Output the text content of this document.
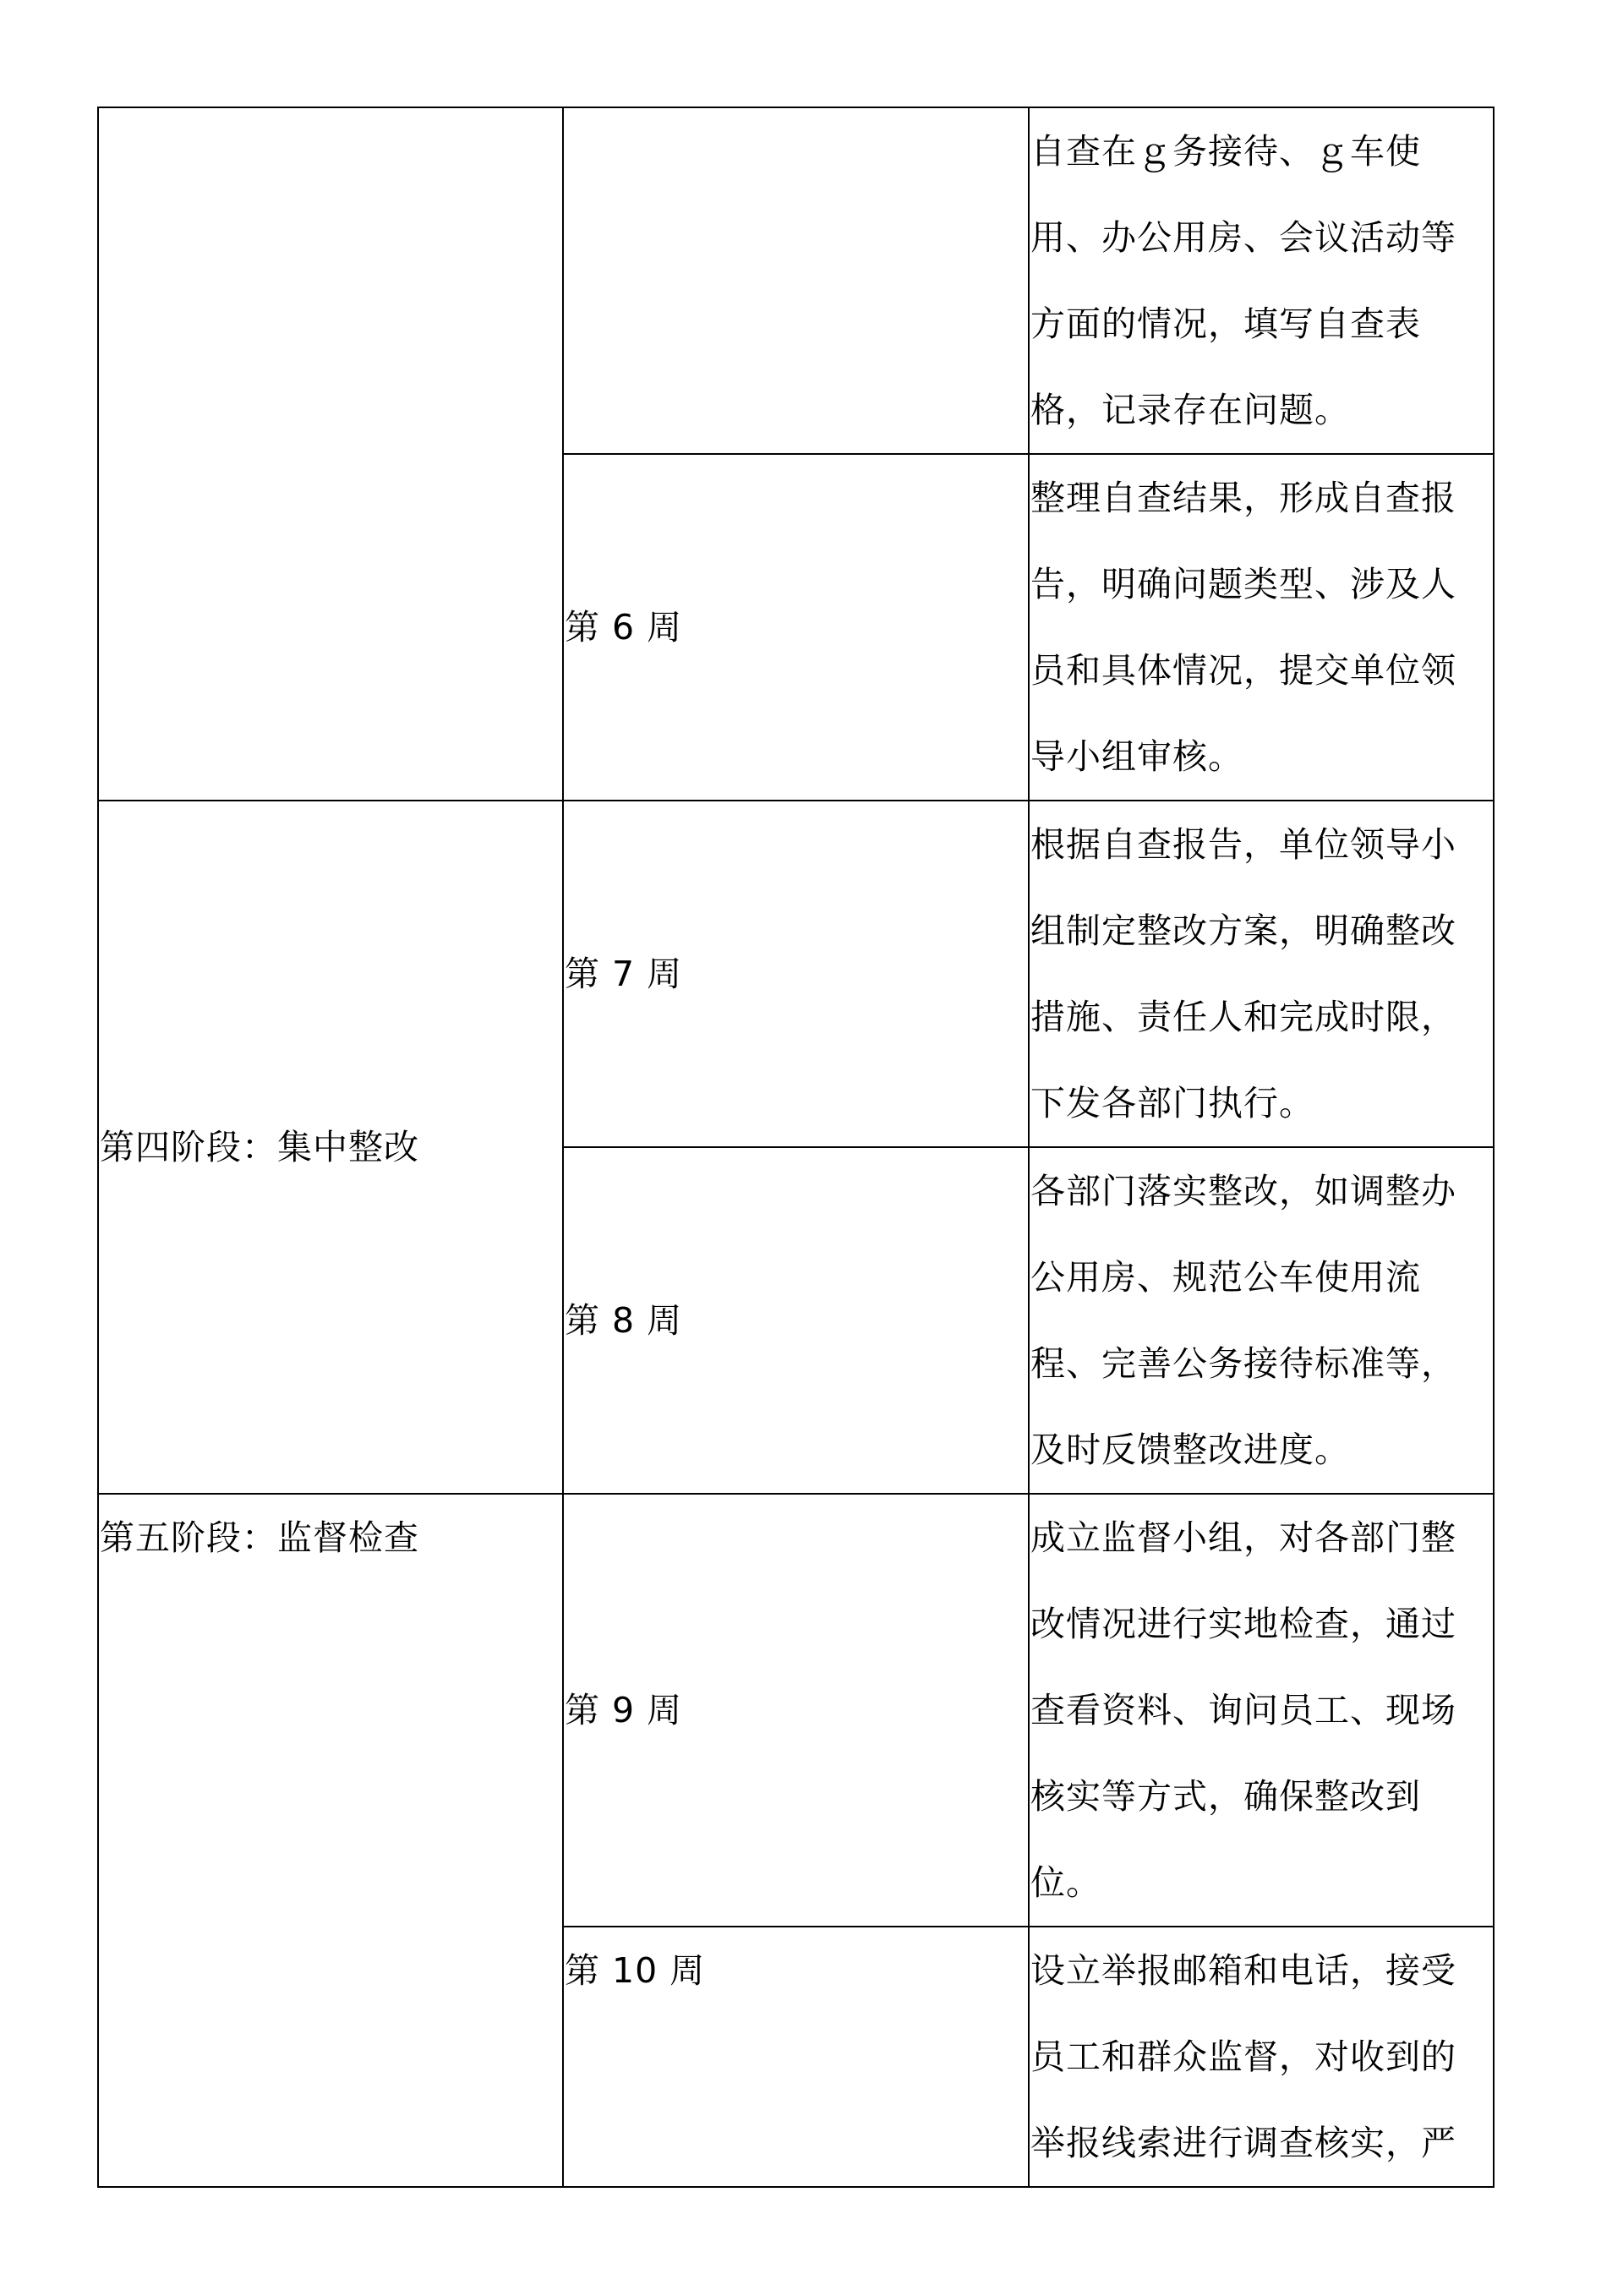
		自查在ｇ务接待、ｇ车使
用、办公用房、会议活动等
方面的情况，填写自查表
格，记录存在问题。

	第 6 周	整理自查结果，形成自查报
告，明确问题类型、涉及人
员和具体情况，提交单位领
导小组审核。

第四阶段：集中整改	第 7 周	根据自查报告，单位领导小
组制定整改方案，明确整改
措施、责任人和完成时限，
下发各部门执行。

	第 8 周	各部门落实整改，如调整办
公用房、规范公车使用流
程、完善公务接待标准等，
及时反馈整改进度。

第五阶段：监督检查	第 9 周	成立监督小组，对各部门整
改情况进行实地检查，通过
查看资料、询问员工、现场
核实等方式，确保整改到
位。

	第 10 周	设立举报邮箱和电话，接受
员工和群众监督，对收到的
举报线索进行调查核实，严
